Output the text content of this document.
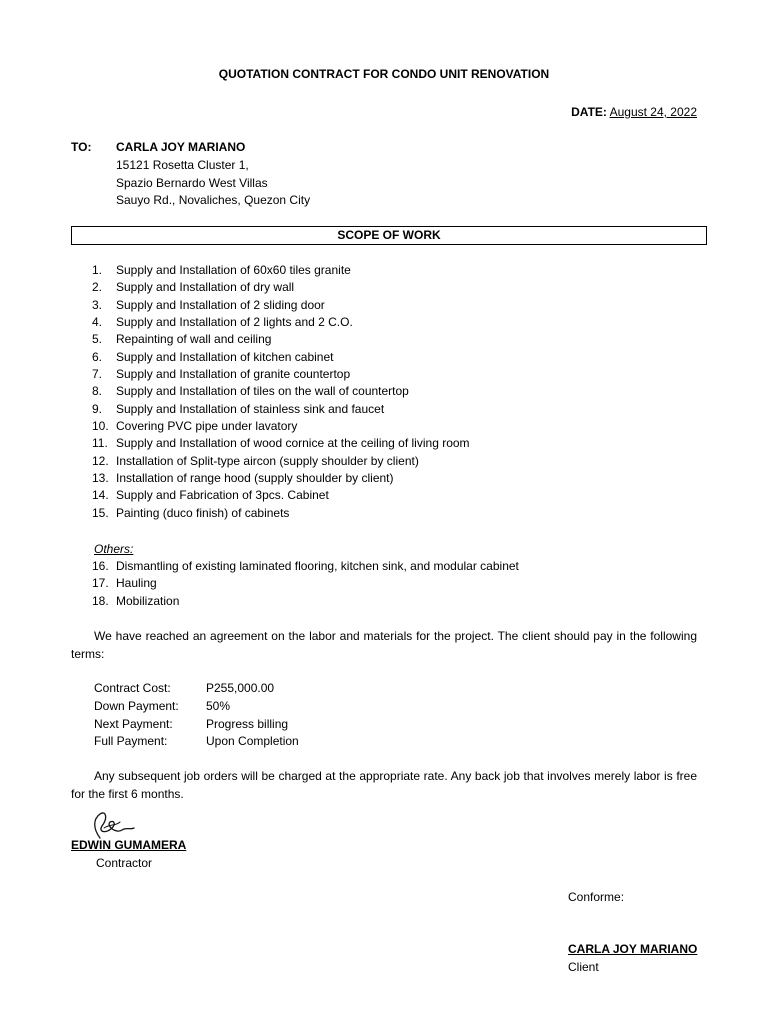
QUOTATION CONTRACT FOR CONDO UNIT RENOVATION
DATE: August 24, 2022
TO: CARLA JOY MARIANO
15121 Rosetta Cluster 1,
Spazio Bernardo West Villas
Sauyo Rd., Novaliches, Quezon City
SCOPE OF WORK
1. Supply and Installation of 60x60 tiles granite
2. Supply and Installation of dry wall
3. Supply and Installation of 2 sliding door
4. Supply and Installation of 2 lights and 2 C.O.
5. Repainting of wall and ceiling
6. Supply and Installation of kitchen cabinet
7. Supply and Installation of granite countertop
8. Supply and Installation of tiles on the wall of countertop
9. Supply and Installation of stainless sink and faucet
10. Covering PVC pipe under lavatory
11. Supply and Installation of wood cornice at the ceiling of living room
12. Installation of Split-type aircon (supply shoulder by client)
13. Installation of range hood (supply shoulder by client)
14. Supply and Fabrication of 3pcs. Cabinet
15. Painting (duco finish) of cabinets
Others:
16. Dismantling of existing laminated flooring, kitchen sink, and modular cabinet
17. Hauling
18. Mobilization
We have reached an agreement on the labor and materials for the project. The client should pay in the following terms:
Contract Cost:	P255,000.00
Down Payment: 50%
Next Payment:	Progress billing
Full Payment:	Upon Completion
Any subsequent job orders will be charged at the appropriate rate. Any back job that involves merely labor is free for the first 6 months.
EDWIN GUMAMERA
Contractor
Conforme:
CARLA JOY MARIANO
Client
